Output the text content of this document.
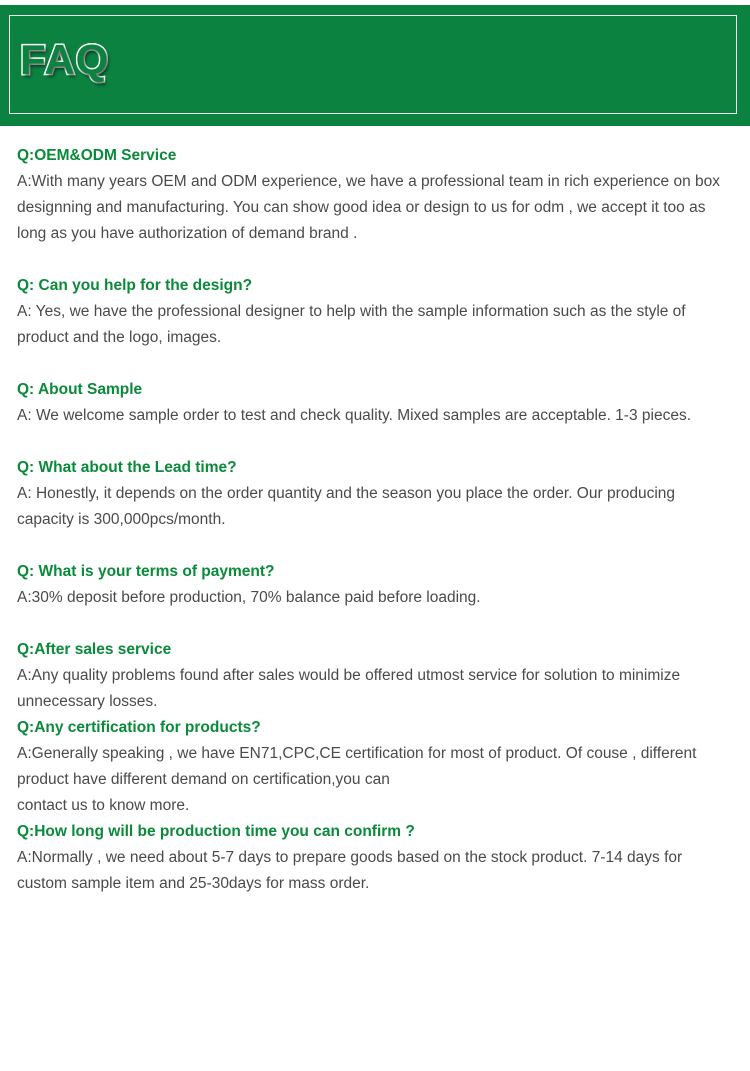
FAQ

Q:OEM&ODM Service

A:With many years OEM and ODM experience, we have a professional team in rich experience on box designning and manufacturing. You can show good idea or design to us for odm , we accept it too as long as you have authorization of demand brand .

Q: Can you help for the design?

A: Yes, we have the professional designer to help with the sample information such as the style of product and the logo, images.

Q: About Sample

A: We welcome sample order to test and check quality. Mixed samples are acceptable. 1-3 pieces.

Q: What about the Lead time?

A: Honestly, it depends on the order quantity and the season you place the order. Our producing capacity is 300,000pcs/month.

Q: What is your terms of payment?

A:30% deposit before production, 70% balance paid before loading.

Q:After sales service

A:Any quality problems found after sales would be offered utmost service for solution to minimize unnecessary losses.

Q:Any certification for products?

A:Generally speaking , we have EN71,CPC,CE certification for most of product. Of couse , different product have different demand on certification,you can

contact us to know more.

Q:How long will be production time you can confirm ?

A:Normally , we need about 5-7 days to prepare goods based on the stock product. 7-14 days for custom sample item and 25-30days for mass order.
